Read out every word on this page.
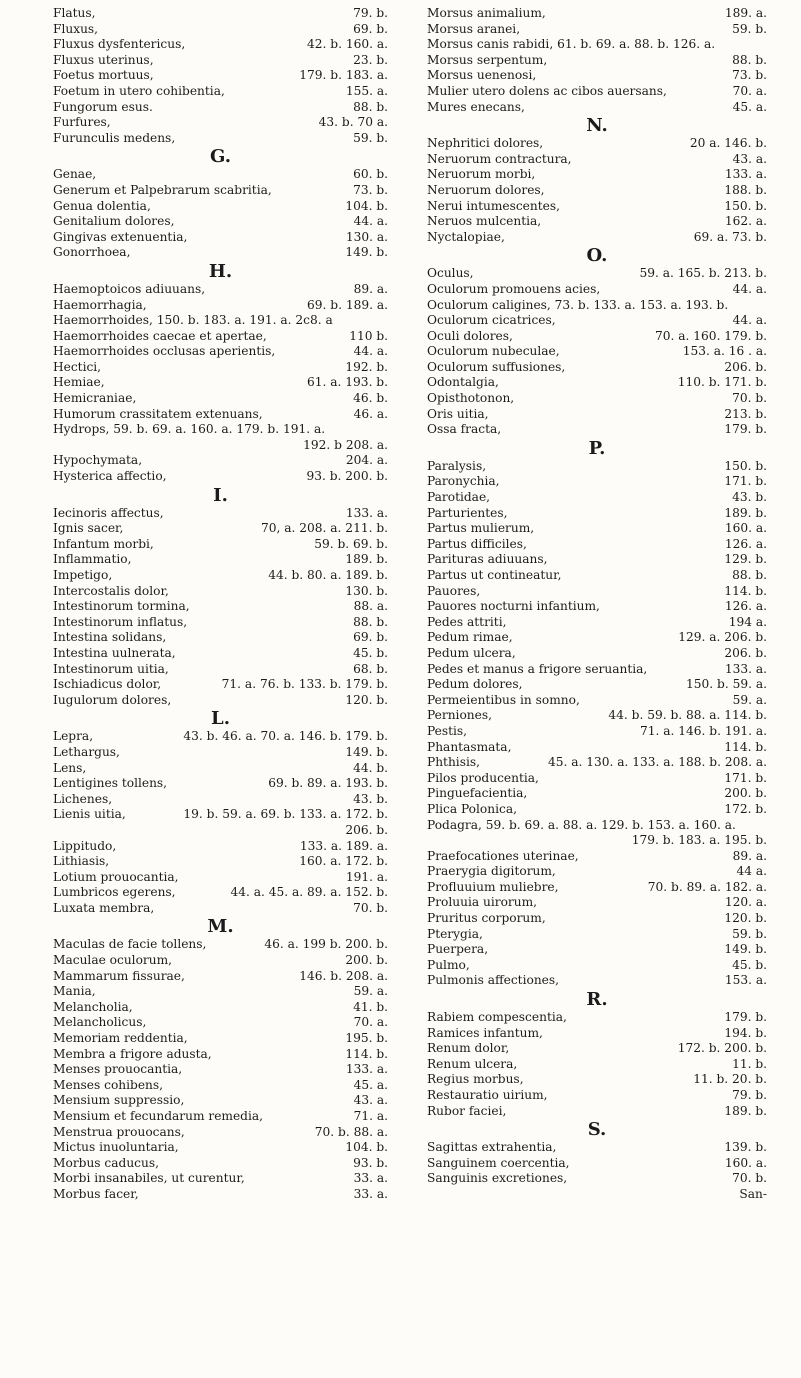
Flatus,	79. b.
Fluxus,	69. b.
Fluxus dysfentericus,	42. b. 160. a.
Fluxus uterinus,	23. b.
Foetus mortuus,	179. b. 183. a.
Foetum in utero cohibentia,	155. a.
Fungorum esus.	88. b.
Furfures,	43. b. 70 a.
Furunculis medens,	59. b.
G.
Genae,	60. b.
Generum et Palpebrarum scabritia,	73. b.
Genua dolentia,	104. b.
Genitalium dolores,	44. a.
Gingivas extenuentia,	130. a.
Gonorrhoea,	149. b.
H.
Haemoptoicos adiuuans,	89. a.
Haemorrhagia,	69. b. 189. a.
Haemorrhoides, 150. b. 183. a. 191. a. 2c8. a
Haemorrhoides caecae et apertae,	110 b.
Haemorrhoides occlusas aperientis,	44. a.
Hectici,	192. b.
Hemiae,	61. a. 193. b.
Hemicraniae,	46. b.
Humorum crassitatem extenuans,	46. a.
Hydrops, 59. b. 69. a. 160. a. 179. b. 191. a.
192. b 208. a.
Hypochymata,	204. a.
Hysterica affectio,	93. b. 200. b.
I.
Iecinoris affectus,	133. a.
Ignis sacer,	70, a. 208. a. 211. b.
Infantum morbi,	59. b. 69. b.
Inflammatio,	189. b.
Impetigo,	44. b. 80. a. 189. b.
Intercostalis dolor,	130. b.
Intestinorum tormina,	88. a.
Intestinorum inflatus,	88. b.
Intestina solidans,	69. b.
Intestina uulnerata,	45. b.
Intestinorum uitia,	68. b.
Ischiadicus dolor,	71. a. 76. b. 133. b. 179. b.
Iugulorum dolores,	120. b.
L.
Lepra,	43. b. 46. a. 70. a. 146. b. 179. b.
Lethargus,	149. b.
Lens,	44. b.
Lentigines tollens,	69. b. 89. a. 193. b.
Lichenes,	43. b.
Lienis uitia,	19. b. 59. a. 69. b. 133. a. 172. b.
206. b.
Lippitudo,	133. a. 189. a.
Lithiasis,	160. a. 172. b.
Lotium prouocantia,	191. a.
Lumbricos egerens,	44. a. 45. a. 89. a. 152. b.
Luxata membra,	70. b.
M.
Maculas de facie tollens,	46. a. 199 b. 200. b.
Maculae oculorum,	200. b.
Mammarum fissurae,	146. b. 208. a.
Mania,	59. a.
Melancholia,	41. b.
Melancholicus,	70. a.
Memoriam reddentia,	195. b.
Membra a frigore adusta,	114. b.
Menses prouocantia,	133. a.
Menses cohibens,	45. a.
Mensium suppressio,	43. a.
Mensium et fecundarum remedia,	71. a.
Menstrua prouocans,	70. b. 88. a.
Mictus inuoluntaria,	104. b.
Morbus caducus,	93. b.
Morbi insanabiles, ut curentur,	33. a.
Morbus facer,	33. a.
Morsus animalium,	189. a.
Morsus aranei,	59. b.
Morsus canis rabidi, 61. b. 69. a. 88. b. 126. a.
Morsus serpentum,	88. b.
Morsus uenenosi,	73. b.
Mulier utero dolens ac cibos auersans,	70. a.
Mures enecans,	45. a.
N.
Nephritici dolores,	20 a. 146. b.
Neruorum contractura,	43. a.
Neruorum morbi,	133. a.
Neruorum dolores,	188. b.
Nerui intumescentes,	150. b.
Neruos mulcentia,	162. a.
Nyctalopiae,	69. a. 73. b.
O.
Oculus,	59. a. 165. b. 213. b.
Oculorum promouens acies,	44. a.
Oculorum caligines, 73. b. 133. a. 153. a. 193. b.
Oculorum cicatrices,	44. a.
Oculi dolores,	70. a. 160. 179. b.
Oculorum nubeculae,	153. a. 16 . a.
Oculorum suffusiones,	206. b.
Odontalgia,	110. b. 171. b.
Opisthotonon,	70. b.
Oris uitia,	213. b.
Ossa fracta,	179. b.
P.
Paralysis,	150. b.
Paronychia,	171. b.
Parotidae,	43. b.
Parturientes,	189. b.
Partus mulierum,	160. a.
Partus difficiles,	126. a.
Parituras adiuuans,	129. b.
Partus ut contineatur,	88. b.
Pauores,	114. b.
Pauores nocturni infantium,	126. a.
Pedes attriti,	194 a.
Pedum rimae,	129. a. 206. b.
Pedum ulcera,	206. b.
Pedes et manus a frigore seruantia,	133. a.
Pedum dolores,	150. b. 59. a.
Permeientibus in somno,	59. a.
Perniones,	44. b. 59. b. 88. a. 114. b.
Pestis,	71. a. 146. b. 191. a.
Phantasmata,	114. b.
Phthisis,	45. a. 130. a. 133. a. 188. b. 208. a.
Pilos producentia,	171. b.
Pinguefacientia,	200. b.
Plica Polonica,	172. b.
Podagra, 59. b. 69. a. 88. a. 129. b. 153. a. 160. a.
179. b. 183. a. 195. b.
Praefocationes uterinae,	89. a.
Praerygia digitorum,	44 a.
Profluuium muliebre,	70. b. 89. a. 182. a.
Proluuia uirorum,	120. a.
Pruritus corporum,	120. b.
Pterygia,	59. b.
Puerpera,	149. b.
Pulmo,	45. b.
Pulmonis affectiones,	153. a.
R.
Rabiem compescentia,	179. b.
Ramices infantum,	194. b.
Renum dolor,	172. b. 200. b.
Renum ulcera,	11. b.
Regius morbus,	11. b. 20. b.
Restauratio uirium,	79. b.
Rubor faciei,	189. b.
S.
Sagittas extrahentia,	139. b.
Sanguinem coercentia,	160. a.
Sanguinis excretiones,	70. b.
San-
